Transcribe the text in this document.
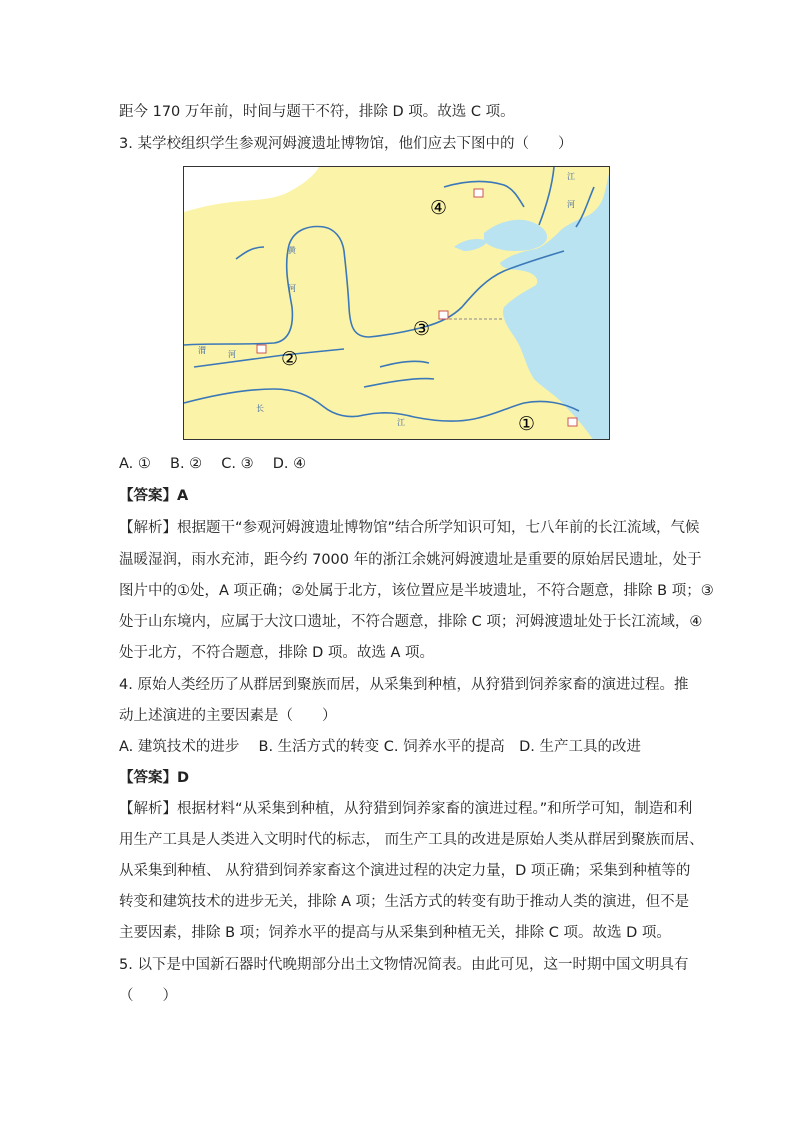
距今 170 万年前，时间与题干不符，排除 D 项。故选 C 项。
3. 某学校组织学生参观河姆渡遗址博物馆，他们应去下图中的（　　）
江
河
黄
河
渭	河
长
江
④
③
②
①
A. ①　 B. ②　 C. ③　 D. ④
【答案】A
【解析】根据题干“参观河姆渡遗址博物馆”结合所学知识可知，七八年前的长江流域，气候
温暖湿润，雨水充沛，距今约 7000 年的浙江余姚河姆渡遗址是重要的原始居民遗址，处于
图片中的①处，A 项正确；②处属于北方，该位置应是半坡遗址，不符合题意，排除 B 项；③
处于山东境内，应属于大汶口遗址，不符合题意，排除 C 项；河姆渡遗址处于长江流域，④
处于北方，不符合题意，排除 D 项。故选 A 项。
4. 原始人类经历了从群居到聚族而居，从采集到种植，从狩猎到饲养家畜的演进过程。推
动上述演进的主要因素是（　　）
A. 建筑技术的进步　 B. 生活方式的转变 C. 饲养水平的提高　D. 生产工具的改进
【答案】D
【解析】根据材料“从采集到种植，从狩猎到饲养家畜的演进过程。”和所学可知，制造和利
用生产工具是人类进入文明时代的标志， 而生产工具的改进是原始人类从群居到聚族而居、
从采集到种植、 从狩猎到饲养家畜这个演进过程的决定力量，D 项正确；采集到种植等的
转变和建筑技术的进步无关，排除 A 项；生活方式的转变有助于推动人类的演进，但不是
主要因素，排除 B 项；饲养水平的提高与从采集到种植无关，排除 C 项。故选 D 项。
5. 以下是中国新石器时代晚期部分出土文物情况简表。由此可见，这一时期中国文明具有
（　　）
